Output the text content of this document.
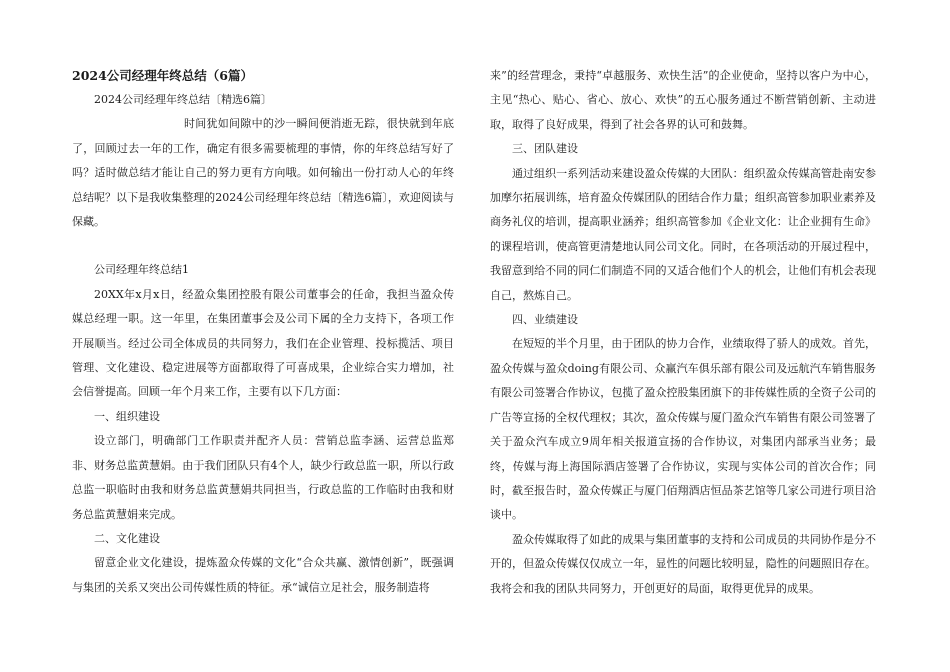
2024公司经理年终总结（6篇）

2024公司经理年终总结〔精选6篇〕

时间犹如间隙中的沙一瞬间便消逝无踪，很快就到年底了，回顾过去一年的工作，确定有很多需要梳理的事情，你的年终总结写好了吗？适时做总结才能让自己的努力更有方向哦。如何输出一份打动人心的年终总结呢？以下是我收集整理的2024公司经理年终总结〔精选6篇〕，欢迎阅读与保藏。

公司经理年终总结1

20XX年x月x日，经盈众集团控股有限公司董事会的任命，我担当盈众传媒总经理一职。这一年里，在集团董事会及公司下属的全力支持下，各项工作开展顺当。经过公司全体成员的共同努力，我们在企业管理、投标揽活、项目管理、文化建设、稳定进展等方面都取得了可喜成果，企业综合实力增加，社会信誉提高。回顾一年个月来工作，主要有以下几方面：

一、组织建设

设立部门，明确部门工作职责并配齐人员：营销总监李涵、运营总监郑非、财务总监黄慧娟。由于我们团队只有4个人，缺少行政总监一职，所以行政总监一职临时由我和财务总监黄慧娟共同担当，行政总监的工作临时由我和财务总监黄慧娟来完成。

二、文化建设

留意企业文化建设，提炼盈众传媒的文化“合众共赢、激情创新”，既强调与集团的关系又突出公司传媒性质的特征。承“诚信立足社会，服务制造将

来”的经营理念，秉持“卓越服务、欢快生活”的企业使命，坚持以客户为中心，主见“热心、贴心、省心、放心、欢快”的五心服务通过不断营销创新、主动进取，取得了良好成果，得到了社会各界的认可和鼓舞。

三、团队建设

通过组织一系列活动来建设盈众传媒的大团队：组织盈众传媒高管赴南安参加摩尔拓展训练，培育盈众传媒团队的团结合作力量；组织高管参加职业素养及商务礼仪的培训，提高职业涵养；组织高管参加《企业文化：让企业拥有生命》的课程培训，使高管更清楚地认同公司文化。同时，在各项活动的开展过程中，我留意到给不同的同仁们制造不同的又适合他们个人的机会，让他们有机会表现自己，熬炼自己。

四、业绩建设

在短短的半个月里，由于团队的协力合作，业绩取得了骄人的成效。首先，盈众传媒与盈众doing有限公司、众赢汽车俱乐部有限公司及远航汽车销售服务有限公司签署合作协议，包揽了盈众控股集团旗下的非传媒性质的全资子公司的广告等宣扬的全权代理权；其次，盈众传媒与厦门盈众汽车销售有限公司签署了关于盈众汽车成立9周年相关报道宣扬的合作协议，对集团内部承当业务；最终，传媒与海上海国际酒店签署了合作协议，实现与实体公司的首次合作；同时，截至报告时，盈众传媒正与厦门佰翔酒店恒品茶艺馆等几家公司进行项目洽谈中。

盈众传媒取得了如此的成果与集团董事的支持和公司成员的共同协作是分不开的，但盈众传媒仅仅成立一年，显性的问题比较明显，隐性的问题照旧存在。我将会和我的团队共同努力，开创更好的局面，取得更优异的成果。
